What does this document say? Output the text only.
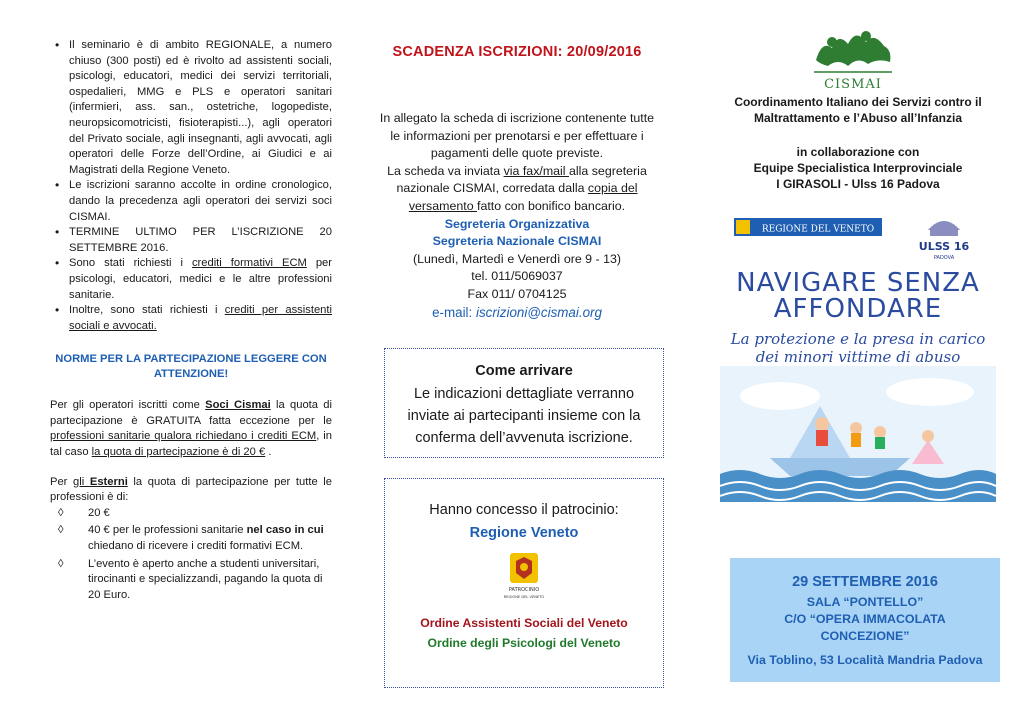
• Il seminario è di ambito REGIONALE, a numero chiuso (300 posti) ed è rivolto ad assistenti sociali, psicologi, educatori, medici dei servizi territoriali, ospedalieri, MMG e PLS e operatori sanitari (infermieri, ass. san., ostetriche, logopediste, neuropsicomotricisti, fisioterapisti...), agli operatori del Privato sociale, agli insegnanti, agli avvocati, agli operatori delle Forze dell’Ordine, ai Giudici e ai Magistrati della Regione Veneto.
• Le iscrizioni saranno accolte in ordine cronologico, dando la precedenza agli operatori dei servizi soci CISMAI.
• TERMINE ULTIMO PER L’ISCRIZIONE 20 SETTEMBRE 2016.
• Sono stati richiesti i crediti formativi ECM per psicologi, educatori, medici e le altre professioni sanitarie.
• Inoltre, sono stati richiesti i crediti per assistenti sociali e avvocati.
NORME PER LA PARTECIPAZIONE LEGGERE CON ATTENZIONE!

Per gli operatori iscritti come Soci Cismai la quota di partecipazione è GRATUITA fatta eccezione per le professioni sanitarie qualora richiedano i crediti ECM, in tal caso la quota di partecipazione è di 20 € .

Per gli Esterni la quota di partecipazione per tutte le professioni è di:

◊ 20 €
◊ 40 € per le professioni sanitarie nel caso in cui chiedano di ricevere i crediti formativi ECM.
◊ L’evento è aperto anche a studenti universitari, tirocinanti e specializzandi, pagando la quota di 20 Euro.
SCADENZA ISCRIZIONI: 20/09/2016

In allegato la scheda di iscrizione contenente tutte le informazioni per prenotarsi e per effettuare i pagamenti delle quote previste.

La scheda va inviata via fax/mail alla segreteria nazionale CISMAI, corredata dalla copia del versamento fatto con bonifico bancario.

Segreteria Organizzativa

Segreteria Nazionale CISMAI

(Lunedì, Martedì e Venerdì ore 9 - 13)

tel. 011/5069037

Fax 011/ 0704125

e-mail: iscrizioni@cismai.org

Come arrivare
Le indicazioni dettagliate verranno inviate ai partecipanti insieme con la conferma dell’avvenuta iscrizione.
Hanno concesso il patrocinio:
Regione Veneto
PATROCINIO
REGIONE DEL VENETO
Ordine Assistenti Sociali del Veneto
Ordine degli Psicologi del Veneto
CISMAI

Coordinamento Italiano dei Servizi contro il Maltrattamento e l’Abuso all’Infanzia

in collaborazione con

Equipe Specialistica Interprovinciale

I GIRASOLI - Ulss 16 Padova

REGIONE DEL VENETO
ULSS 16
PADOVA
NAVIGARE SENZA
AFFONDARE
La protezione e la presa in carico
dei minori vittime di abuso
29 SETTEMBRE 2016
SALA “PONTELLO”
C/O “OPERA IMMACOLATA
CONCEZIONE”
Via Toblino, 53 Località Mandria Padova
